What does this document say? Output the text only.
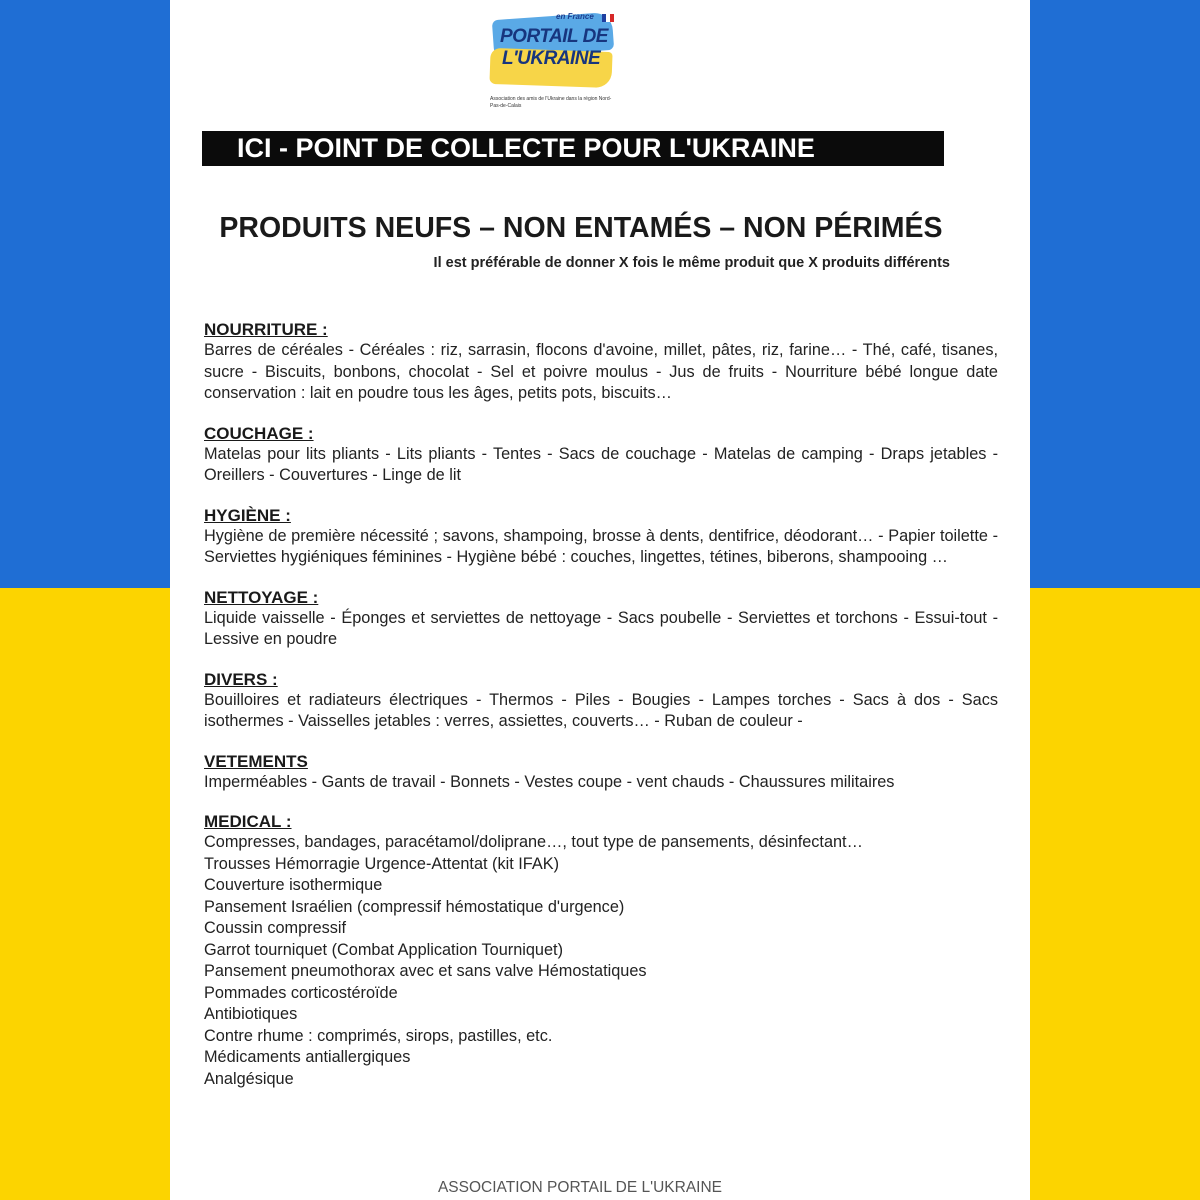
en France
PORTAIL DE
L'UKRAINE
Association des amis de l'Ukraine dans la région Nord-Pas-de-Calais
ICI - POINT DE COLLECTE POUR L'UKRAINE
PRODUITS NEUFS – NON ENTAMÉS – NON PÉRIMÉS
Il est préférable de donner X fois le même produit que X produits différents
NOURRITURE :
Barres de céréales - Céréales : riz, sarrasin, flocons d'avoine, millet, pâtes, riz, farine… - Thé, café, tisanes, sucre - Biscuits, bonbons, chocolat - Sel et poivre moulus - Jus de fruits - Nourriture bébé longue date conservation : lait en poudre tous les âges, petits pots, biscuits…
COUCHAGE :
Matelas pour lits pliants - Lits pliants - Tentes - Sacs de couchage - Matelas de camping - Draps jetables - Oreillers - Couvertures - Linge de lit
HYGIÈNE :
Hygiène de première nécessité ; savons, shampoing, brosse à dents, dentifrice, déodorant… - Papier toilette - Serviettes hygiéniques féminines - Hygiène bébé : couches, lingettes, tétines, biberons, shampooing …
NETTOYAGE :
Liquide vaisselle - Éponges et serviettes de nettoyage - Sacs poubelle - Serviettes et torchons - Essui-tout - Lessive en poudre
DIVERS :
Bouilloires et radiateurs électriques - Thermos - Piles - Bougies - Lampes torches - Sacs à dos - Sacs isothermes - Vaisselles jetables : verres, assiettes, couverts… - Ruban de couleur -
VETEMENTS
Imperméables - Gants de travail - Bonnets - Vestes coupe - vent chauds - Chaussures militaires
MEDICAL :
Compresses, bandages, paracétamol/doliprane…, tout type de pansements, désinfectant…
Trousses Hémorragie Urgence-Attentat (kit IFAK)
Couverture isothermique
Pansement Israélien (compressif hémostatique d'urgence)
Coussin compressif
Garrot tourniquet (Combat Application Tourniquet)
Pansement pneumothorax avec et sans valve Hémostatiques
Pommades corticostéroïde
Antibiotiques
Contre rhume : comprimés, sirops, pastilles, etc.
Médicaments antiallergiques
Analgésique
ASSOCIATION PORTAIL DE L'UKRAINE
